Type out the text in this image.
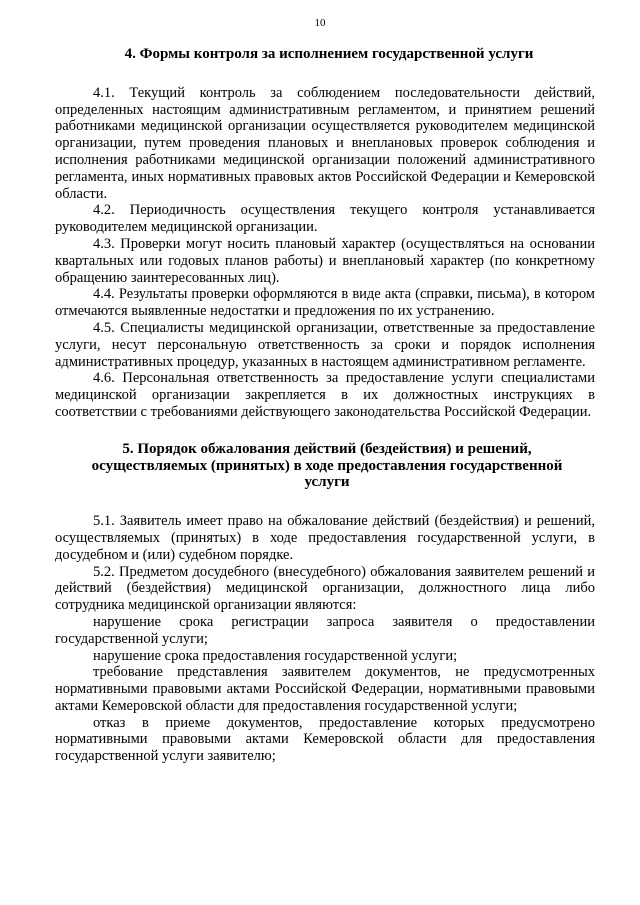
10
4. Формы контроля за исполнением государственной услуги

4.1. Текущий контроль за соблюдением последовательности действий, определенных настоящим административным регламентом, и принятием решений работниками медицинской организации осуществляется руководителем медицинской организации, путем проведения плановых и внеплановых проверок соблюдения и исполнения работниками медицинской организации положений административного регламента, иных нормативных правовых актов Российской Федерации и Кемеровской области.

4.2. Периодичность осуществления текущего контроля устанавливается руководителем медицинской организации.

4.3. Проверки могут носить плановый характер (осуществляться на основании квартальных или годовых планов работы) и внеплановый характер (по конкретному обращению заинтересованных лиц).

4.4. Результаты проверки оформляются в виде акта (справки, письма), в котором отмечаются выявленные недостатки и предложения по их устранению.

4.5. Специалисты медицинской организации, ответственные за предоставление услуги, несут персональную ответственность за сроки и порядок исполнения административных процедур, указанных в настоящем административном регламенте.

4.6. Персональная ответственность за предоставление услуги специалистами медицинской организации закрепляется в их должностных инструкциях в соответствии с требованиями действующего законодательства Российской Федерации.

5. Порядок обжалования действий (бездействия) и решений, осуществляемых (принятых) в ходе предоставления государственной услуги

5.1. Заявитель имеет право на обжалование действий (бездействия) и решений, осуществляемых (принятых) в ходе предоставления государственной услуги, в досудебном и (или) судебном порядке.

5.2. Предметом досудебного (внесудебного) обжалования заявителем решений и действий (бездействия) медицинской организации, должностного лица либо сотрудника медицинской организации являются:

нарушение срока регистрации запроса заявителя о предоставлении государственной услуги;

нарушение срока предоставления государственной услуги;

требование представления заявителем документов, не предусмотренных нормативными правовыми актами Российской Федерации, нормативными правовыми актами Кемеровской области для предоставления государственной услуги;

отказ в приеме документов, предоставление которых предусмотрено нормативными правовыми актами Кемеровской области для предоставления государственной услуги заявителю;
